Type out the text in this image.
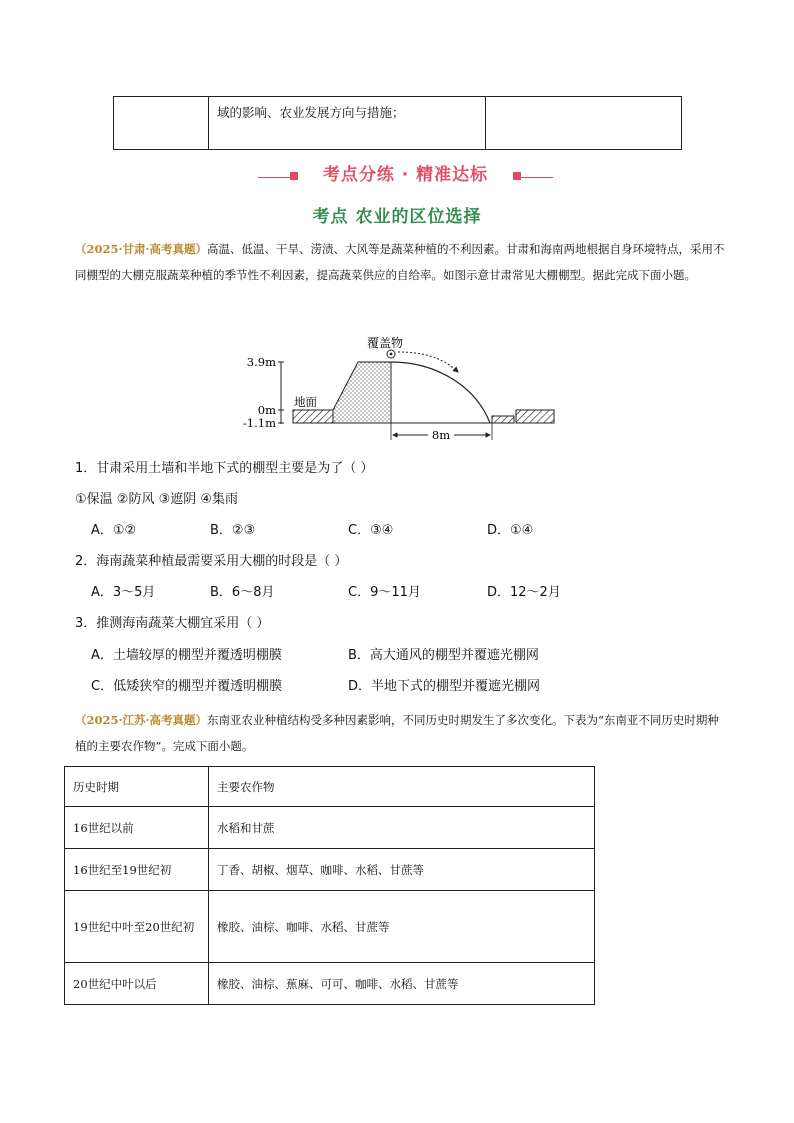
	域的影响、农业发展方向与措施；	
考点分练 · 精准达标
考点 农业的区位选择
（2025·甘肃·高考真题）高温、低温、干旱、涝渍、大风等是蔬菜种植的不利因素。甘肃和海南两地根据自身环境特点，采用不同棚型的大棚克服蔬菜种植的季节性不利因素，提高蔬菜供应的自给率。如图示意甘肃常见大棚棚型。据此完成下面小题。
3.9m
0m
-1.1m
地面
覆盖物
8m
1．甘肃采用土墙和半地下式的棚型主要是为了（ ）
①保温 ②防风 ③遮阴 ④集雨
A．①②	B．②③	C．③④	D．①④
2．海南蔬菜种植最需要采用大棚的时段是（ ）
A．3～5月	B．6～8月	C．9～11月	D．12～2月
3．推测海南蔬菜大棚宜采用（ ）
A．土墙较厚的棚型并覆透明棚膜	B．高大通风的棚型并覆遮光棚网
C．低矮狭窄的棚型并覆透明棚膜	D．半地下式的棚型并覆遮光棚网
（2025·江苏·高考真题）东南亚农业种植结构受多种因素影响，不同历史时期发生了多次变化。下表为“东南亚不同历史时期种植的主要农作物”。完成下面小题。
历史时期	主要农作物
16世纪以前	水稻和甘蔗
16世纪至19世纪初	丁香、胡椒、烟草、咖啡、水稻、甘蔗等
19世纪中叶至20世纪初	橡胶、油棕、咖啡、水稻、甘蔗等
20世纪中叶以后	橡胶、油棕、蕉麻、可可、咖啡、水稻、甘蔗等
